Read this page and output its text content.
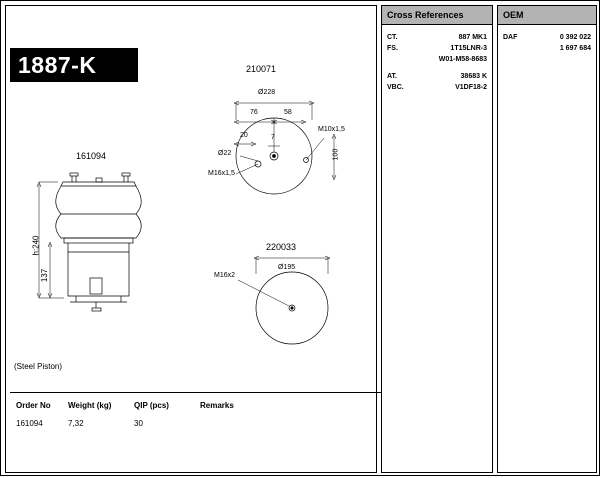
1887-K
161094
h:240
137
210071
Ø228
76	58
20	7
100
Ø22
M16x1,5
M10x1,5
220033
Ø195
M16x2
(Steel Piston)
Order No Weight (kg)	QIP (pcs)	Remarks
161094	7,32	30
Cross References
CT.	887 MK1
FS.	1T15LNR-3
W01-M58-8683
AT.	38683 K
VBC.	V1DF18-2
OEM
DAF	0 392 022
1 697 684
